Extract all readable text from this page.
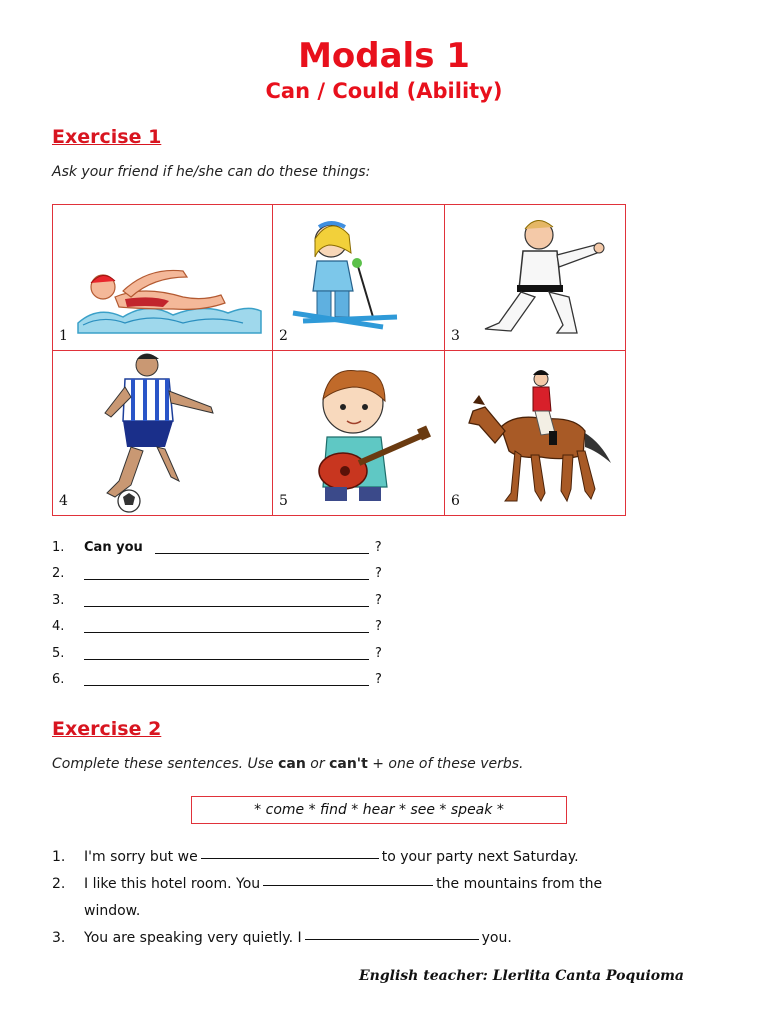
Modals 1
Can / Could (Ability)
Exercise 1
Ask your friend if he/she can do these things:
1	2	3
4	5	6
1.	Can you	?
2.	?
3.	?
4.	?
5.	?
6.	?
Exercise 2
Complete these sentences. Use can or can't + one of these verbs.
* come * find * hear * see * speak *
1.	I'm sorry but we	to your party next Saturday.
2.	I like this hotel room. You	the mountains from the
window.
3.	You are speaking very quietly. I	you.
English teacher: Llerlita Canta Poquioma
